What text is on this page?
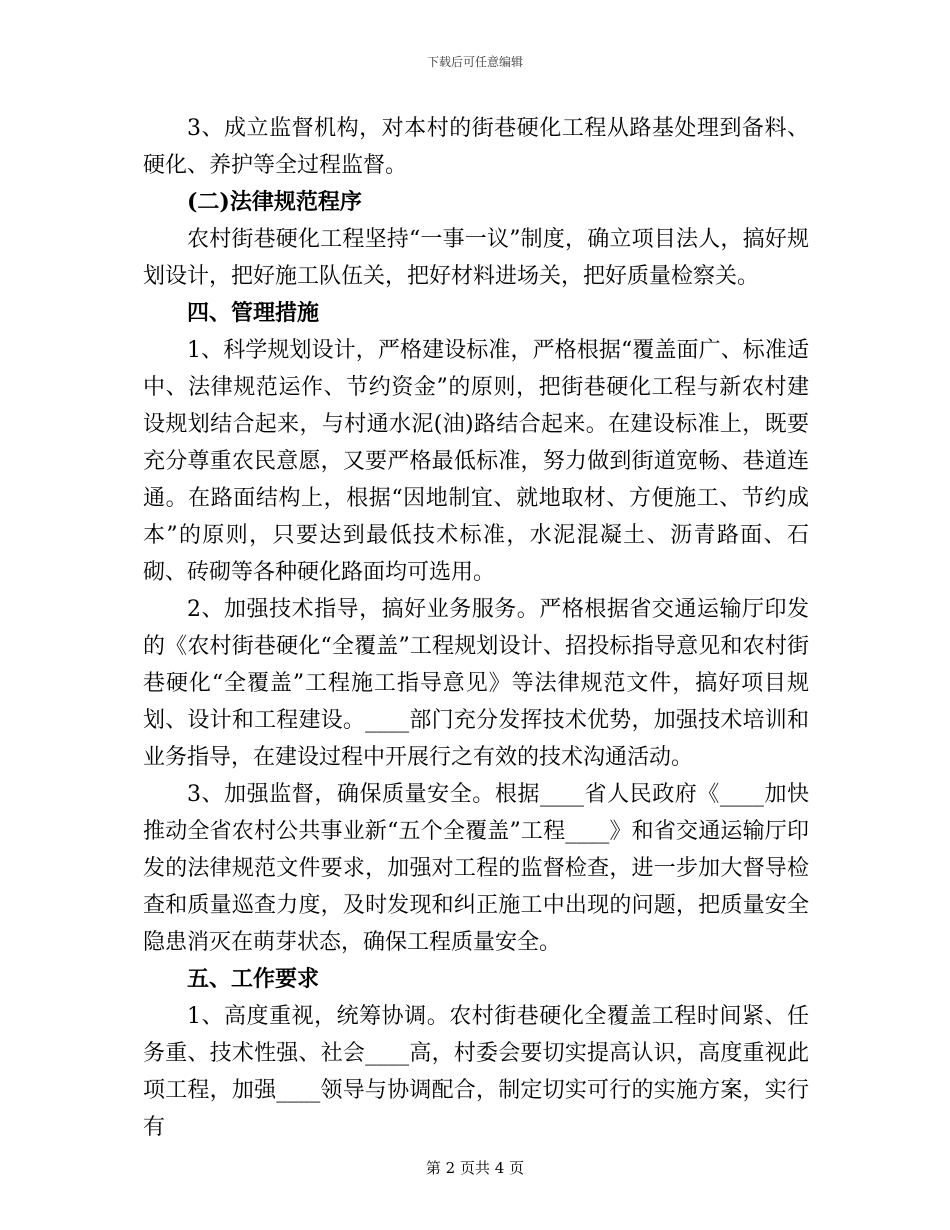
下载后可任意编辑

3、成立监督机构，对本村的街巷硬化工程从路基处理到备料、硬化、养护等全过程监督。

(二)法律规范程序

农村街巷硬化工程坚持“一事一议”制度，确立项目法人，搞好规划设计，把好施工队伍关，把好材料进场关，把好质量检察关。

四、管理措施

1、科学规划设计，严格建设标准，严格根据“覆盖面广、标准适中、法律规范运作、节约资金”的原则，把街巷硬化工程与新农村建设规划结合起来，与村通水泥(油)路结合起来。在建设标准上，既要充分尊重农民意愿，又要严格最低标准，努力做到街道宽畅、巷道连通。在路面结构上，根据“因地制宜、就地取材、方便施工、节约成本”的原则，只要达到最低技术标准，水泥混凝土、沥青路面、石砌、砖砌等各种硬化路面均可选用。

2、加强技术指导，搞好业务服务。严格根据省交通运输厅印发的《农村街巷硬化“全覆盖”工程规划设计、招投标指导意见和农村街巷硬化“全覆盖”工程施工指导意见》等法律规范文件，搞好项目规划、设计和工程建设。____部门充分发挥技术优势，加强技术培训和业务指导，在建设过程中开展行之有效的技术沟通活动。

3、加强监督，确保质量安全。根据____省人民政府《____加快推动全省农村公共事业新“五个全覆盖”工程____》和省交通运输厅印发的法律规范文件要求，加强对工程的监督检查，进一步加大督导检查和质量巡查力度，及时发现和纠正施工中出现的问题，把质量安全隐患消灭在萌芽状态，确保工程质量安全。

五、工作要求

1、高度重视，统筹协调。农村街巷硬化全覆盖工程时间紧、任务重、技术性强、社会____高，村委会要切实提高认识，高度重视此项工程，加强____领导与协调配合，制定切实可行的实施方案，实行有

第 2 页共 4 页
